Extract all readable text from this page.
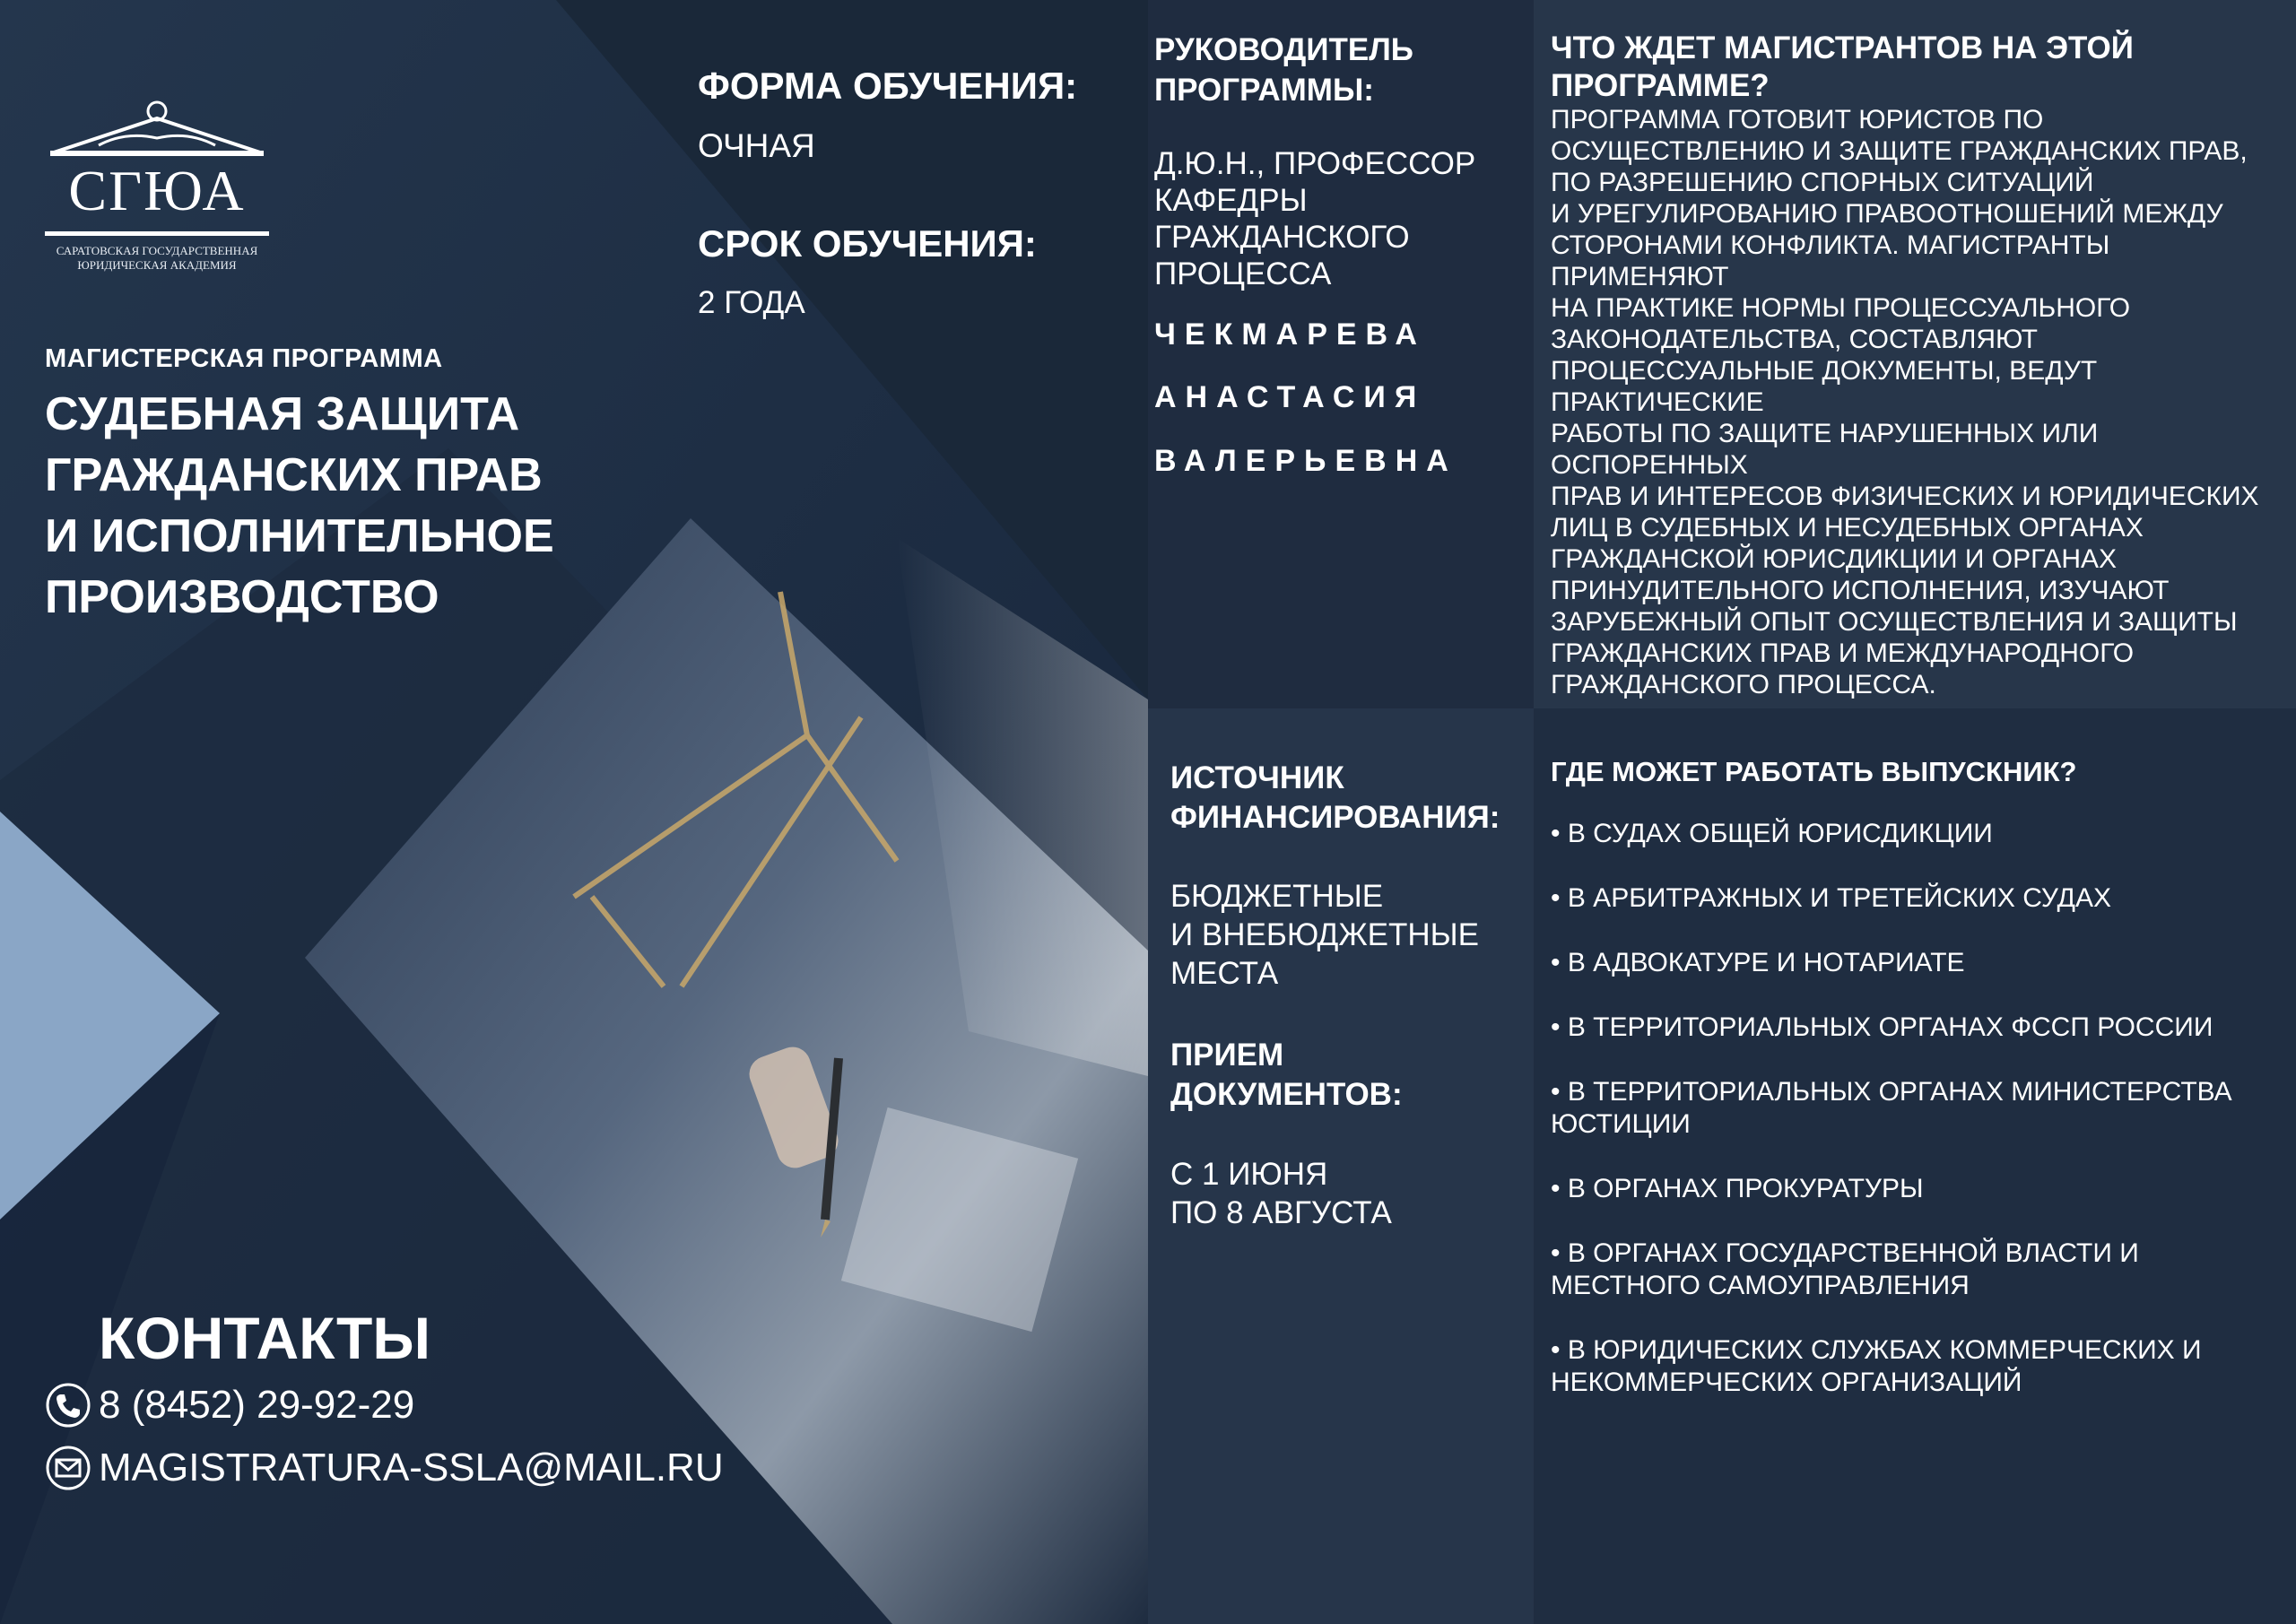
СГЮА
САРАТОВСКАЯ ГОСУДАРСТВЕННАЯ ЮРИДИЧЕСКАЯ АКАДЕМИЯ
МАГИСТЕРСКАЯ ПРОГРАММА
СУДЕБНАЯ ЗАЩИТА
ГРАЖДАНСКИХ ПРАВ
И ИСПОЛНИТЕЛЬНОЕ
ПРОИЗВОДСТВО
КОНТАКТЫ
8 (8452) 29-92-29
MAGISTRATURA-SSLA@MAIL.RU
ФОРМА ОБУЧЕНИЯ:
ОЧНАЯ
СРОК ОБУЧЕНИЯ:
2 ГОДА
РУКОВОДИТЕЛЬ
ПРОГРАММЫ:
Д.Ю.Н., ПРОФЕССОР
КАФЕДРЫ
ГРАЖДАНСКОГО
ПРОЦЕССА
ЧЕКМАРЕВА
АНАСТАСИЯ
ВАЛЕРЬЕВНА
ИСТОЧНИК
ФИНАНСИРОВАНИЯ:
БЮДЖЕТНЫЕ
И ВНЕБЮДЖЕТНЫЕ
МЕСТА
ПРИЕМ
ДОКУМЕНТОВ:
С 1 ИЮНЯ
ПО 8 АВГУСТА
ЧТО ЖДЕТ МАГИСТРАНТОВ НА ЭТОЙ
ПРОГРАММЕ?
ПРОГРАММА ГОТОВИТ ЮРИСТОВ ПО
ОСУЩЕСТВЛЕНИЮ И ЗАЩИТЕ ГРАЖДАНСКИХ ПРАВ,
ПО РАЗРЕШЕНИЮ СПОРНЫХ СИТУАЦИЙ
И УРЕГУЛИРОВАНИЮ ПРАВООТНОШЕНИЙ МЕЖДУ
СТОРОНАМИ КОНФЛИКТА. МАГИСТРАНТЫ ПРИМЕНЯЮТ
НА ПРАКТИКЕ НОРМЫ ПРОЦЕССУАЛЬНОГО
ЗАКОНОДАТЕЛЬСТВА, СОСТАВЛЯЮТ
ПРОЦЕССУАЛЬНЫЕ ДОКУМЕНТЫ, ВЕДУТ ПРАКТИЧЕСКИЕ
РАБОТЫ ПО ЗАЩИТЕ НАРУШЕННЫХ ИЛИ ОСПОРЕННЫХ
ПРАВ И ИНТЕРЕСОВ ФИЗИЧЕСКИХ И ЮРИДИЧЕСКИХ
ЛИЦ В СУДЕБНЫХ И НЕСУДЕБНЫХ ОРГАНАХ
ГРАЖДАНСКОЙ ЮРИСДИКЦИИ И ОРГАНАХ
ПРИНУДИТЕЛЬНОГО ИСПОЛНЕНИЯ, ИЗУЧАЮТ
ЗАРУБЕЖНЫЙ ОПЫТ ОСУЩЕСТВЛЕНИЯ И ЗАЩИТЫ
ГРАЖДАНСКИХ ПРАВ И МЕЖДУНАРОДНОГО
ГРАЖДАНСКОГО ПРОЦЕССА.
ГДЕ МОЖЕТ РАБОТАТЬ ВЫПУСКНИК?
• В СУДАХ ОБЩЕЙ ЮРИСДИКЦИИ
• В АРБИТРАЖНЫХ И ТРЕТЕЙСКИХ СУДАХ
• В АДВОКАТУРЕ И НОТАРИАТЕ
• В ТЕРРИТОРИАЛЬНЫХ ОРГАНАХ ФССП РОССИИ
• В ТЕРРИТОРИАЛЬНЫХ ОРГАНАХ МИНИСТЕРСТВА
ЮСТИЦИИ
• В ОРГАНАХ ПРОКУРАТУРЫ
• В ОРГАНАХ ГОСУДАРСТВЕННОЙ ВЛАСТИ И
МЕСТНОГО САМОУПРАВЛЕНИЯ
• В ЮРИДИЧЕСКИХ СЛУЖБАХ КОММЕРЧЕСКИХ И
НЕКОММЕРЧЕСКИХ ОРГАНИЗАЦИЙ
